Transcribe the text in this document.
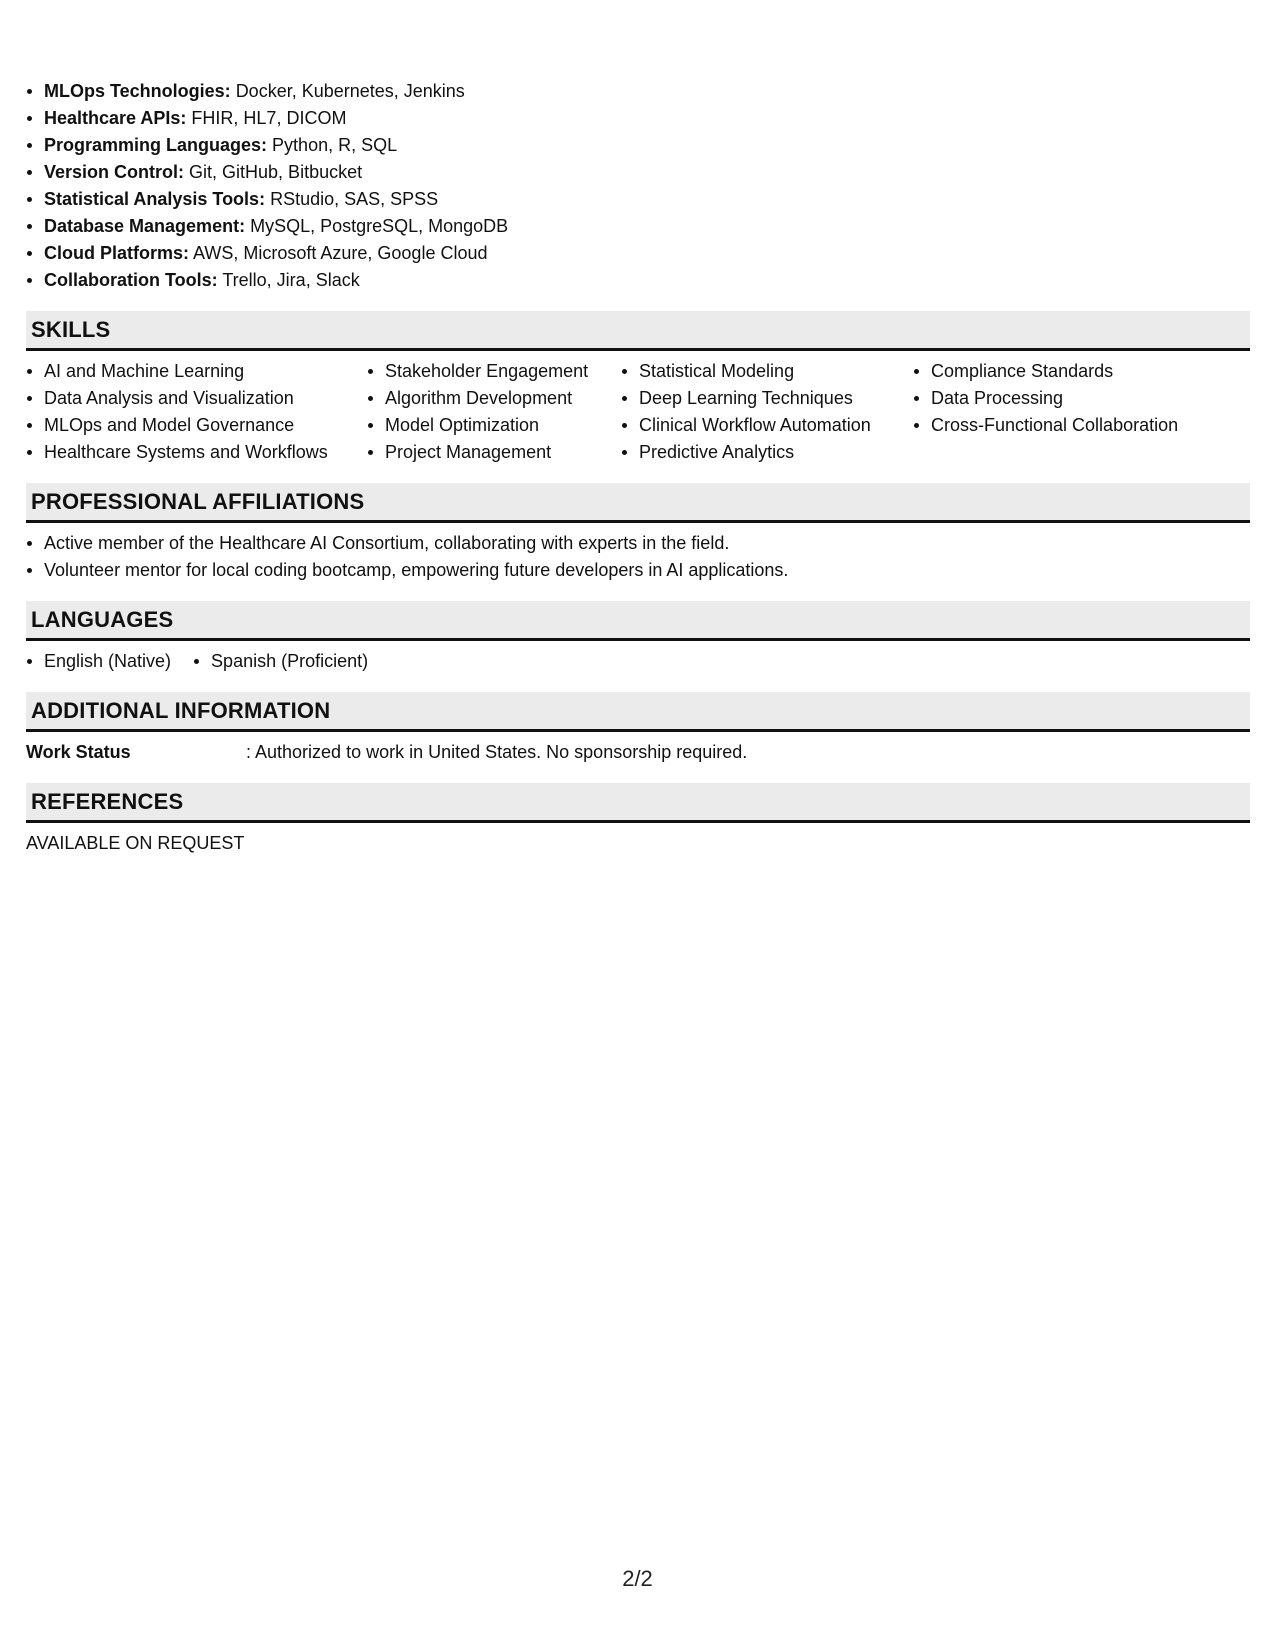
MLOps Technologies: Docker, Kubernetes, Jenkins
Healthcare APIs: FHIR, HL7, DICOM
Programming Languages: Python, R, SQL
Version Control: Git, GitHub, Bitbucket
Statistical Analysis Tools: RStudio, SAS, SPSS
Database Management: MySQL, PostgreSQL, MongoDB
Cloud Platforms: AWS, Microsoft Azure, Google Cloud
Collaboration Tools: Trello, Jira, Slack
SKILLS
AI and Machine Learning
Data Analysis and Visualization
MLOps and Model Governance
Healthcare Systems and Workflows
Stakeholder Engagement
Algorithm Development
Model Optimization
Project Management
Statistical Modeling
Deep Learning Techniques
Clinical Workflow Automation
Predictive Analytics
Compliance Standards
Data Processing
Cross-Functional Collaboration
PROFESSIONAL AFFILIATIONS
Active member of the Healthcare AI Consortium, collaborating with experts in the field.
Volunteer mentor for local coding bootcamp, empowering future developers in AI applications.
LANGUAGES
English (Native)	Spanish (Proficient)
ADDITIONAL INFORMATION
Work Status	: Authorized to work in United States. No sponsorship required.
REFERENCES
AVAILABLE ON REQUEST
2/2
